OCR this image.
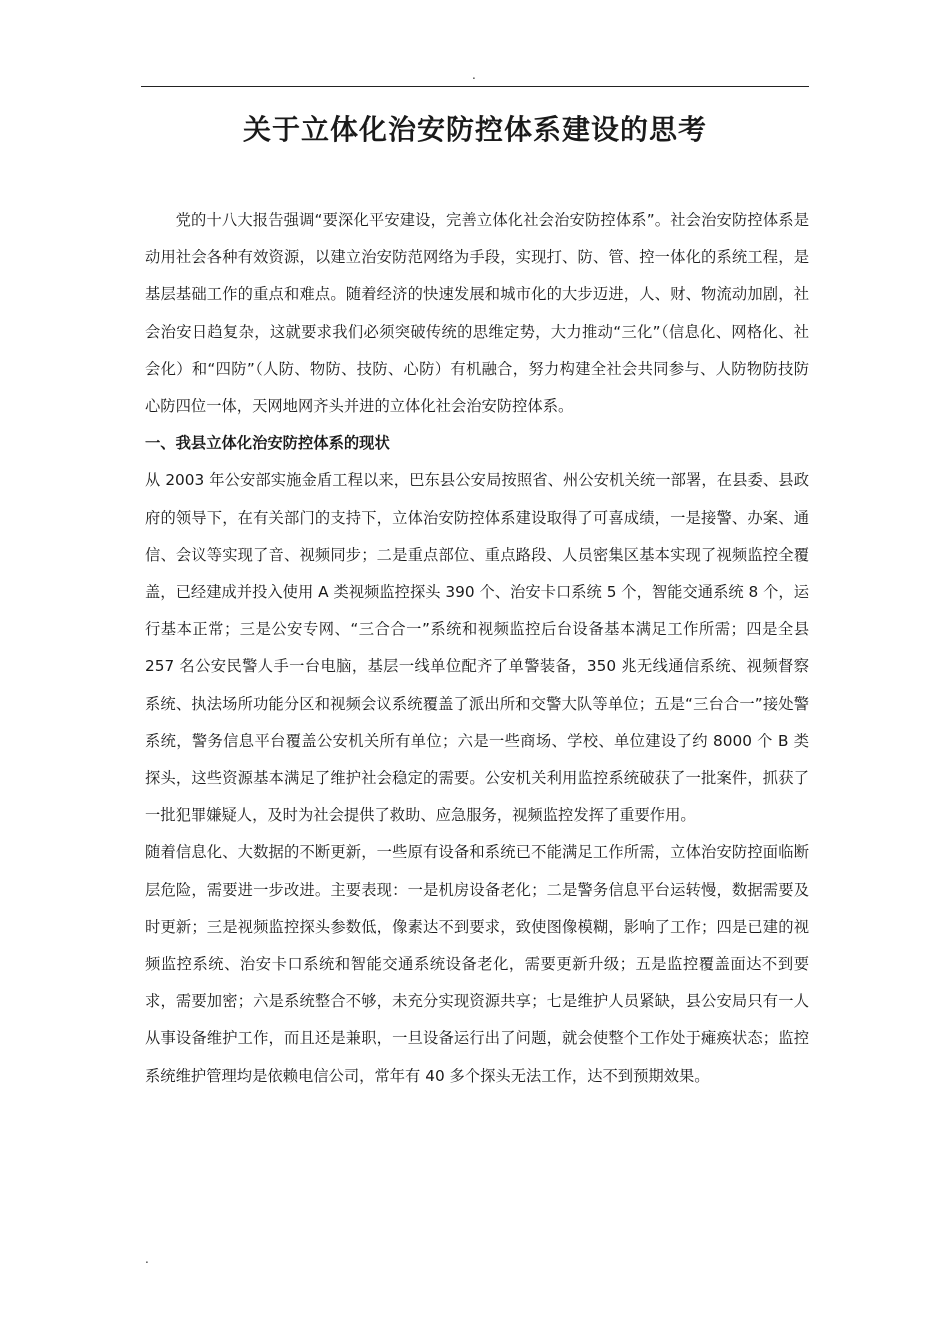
.
关于立体化治安防控体系建设的思考

党的十八大报告强调“要深化平安建设，完善立体化社会治安防控体系”。社会治安防控体系是动用社会各种有效资源，以建立治安防范网络为手段，实现打、防、管、控一体化的系统工程，是基层基础工作的重点和难点。随着经济的快速发展和城市化的大步迈进，人、财、物流动加剧，社会治安日趋复杂，这就要求我们必须突破传统的思维定势，大力推动“三化”（信息化、网格化、社会化）和“四防”（人防、物防、技防、心防）有机融合，努力构建全社会共同参与、人防物防技防心防四位一体，天网地网齐头并进的立体化社会治安防控体系。

一、我县立体化治安防控体系的现状

从 2003 年公安部实施金盾工程以来，巴东县公安局按照省、州公安机关统一部署，在县委、县政府的领导下，在有关部门的支持下，立体治安防控体系建设取得了可喜成绩，一是接警、办案、通信、会议等实现了音、视频同步；二是重点部位、重点路段、人员密集区基本实现了视频监控全覆盖，已经建成并投入使用 A 类视频监控探头 390 个、治安卡口系统 5 个，智能交通系统 8 个，运行基本正常；三是公安专网、“三合合一”系统和视频监控后台设备基本满足工作所需；四是全县 257 名公安民警人手一台电脑，基层一线单位配齐了单警装备，350 兆无线通信系统、视频督察系统、执法场所功能分区和视频会议系统覆盖了派出所和交警大队等单位；五是“三台合一”接处警系统，警务信息平台覆盖公安机关所有单位；六是一些商场、学校、单位建设了约 8000 个 B 类探头，这些资源基本满足了维护社会稳定的需要。公安机关利用监控系统破获了一批案件，抓获了一批犯罪嫌疑人，及时为社会提供了救助、应急服务，视频监控发挥了重要作用。

随着信息化、大数据的不断更新，一些原有设备和系统已不能满足工作所需，立体治安防控面临断层危险，需要进一步改进。主要表现：一是机房设备老化；二是警务信息平台运转慢，数据需要及时更新；三是视频监控探头参数低，像素达不到要求，致使图像模糊，影响了工作；四是已建的视频监控系统、治安卡口系统和智能交通系统设备老化，需要更新升级；五是监控覆盖面达不到要求，需要加密；六是系统整合不够，未充分实现资源共享；七是维护人员紧缺，县公安局只有一人从事设备维护工作，而且还是兼职，一旦设备运行出了问题，就会使整个工作处于瘫痪状态；监控系统维护管理均是依赖电信公司，常年有 40 多个探头无法工作，达不到预期效果。

.
